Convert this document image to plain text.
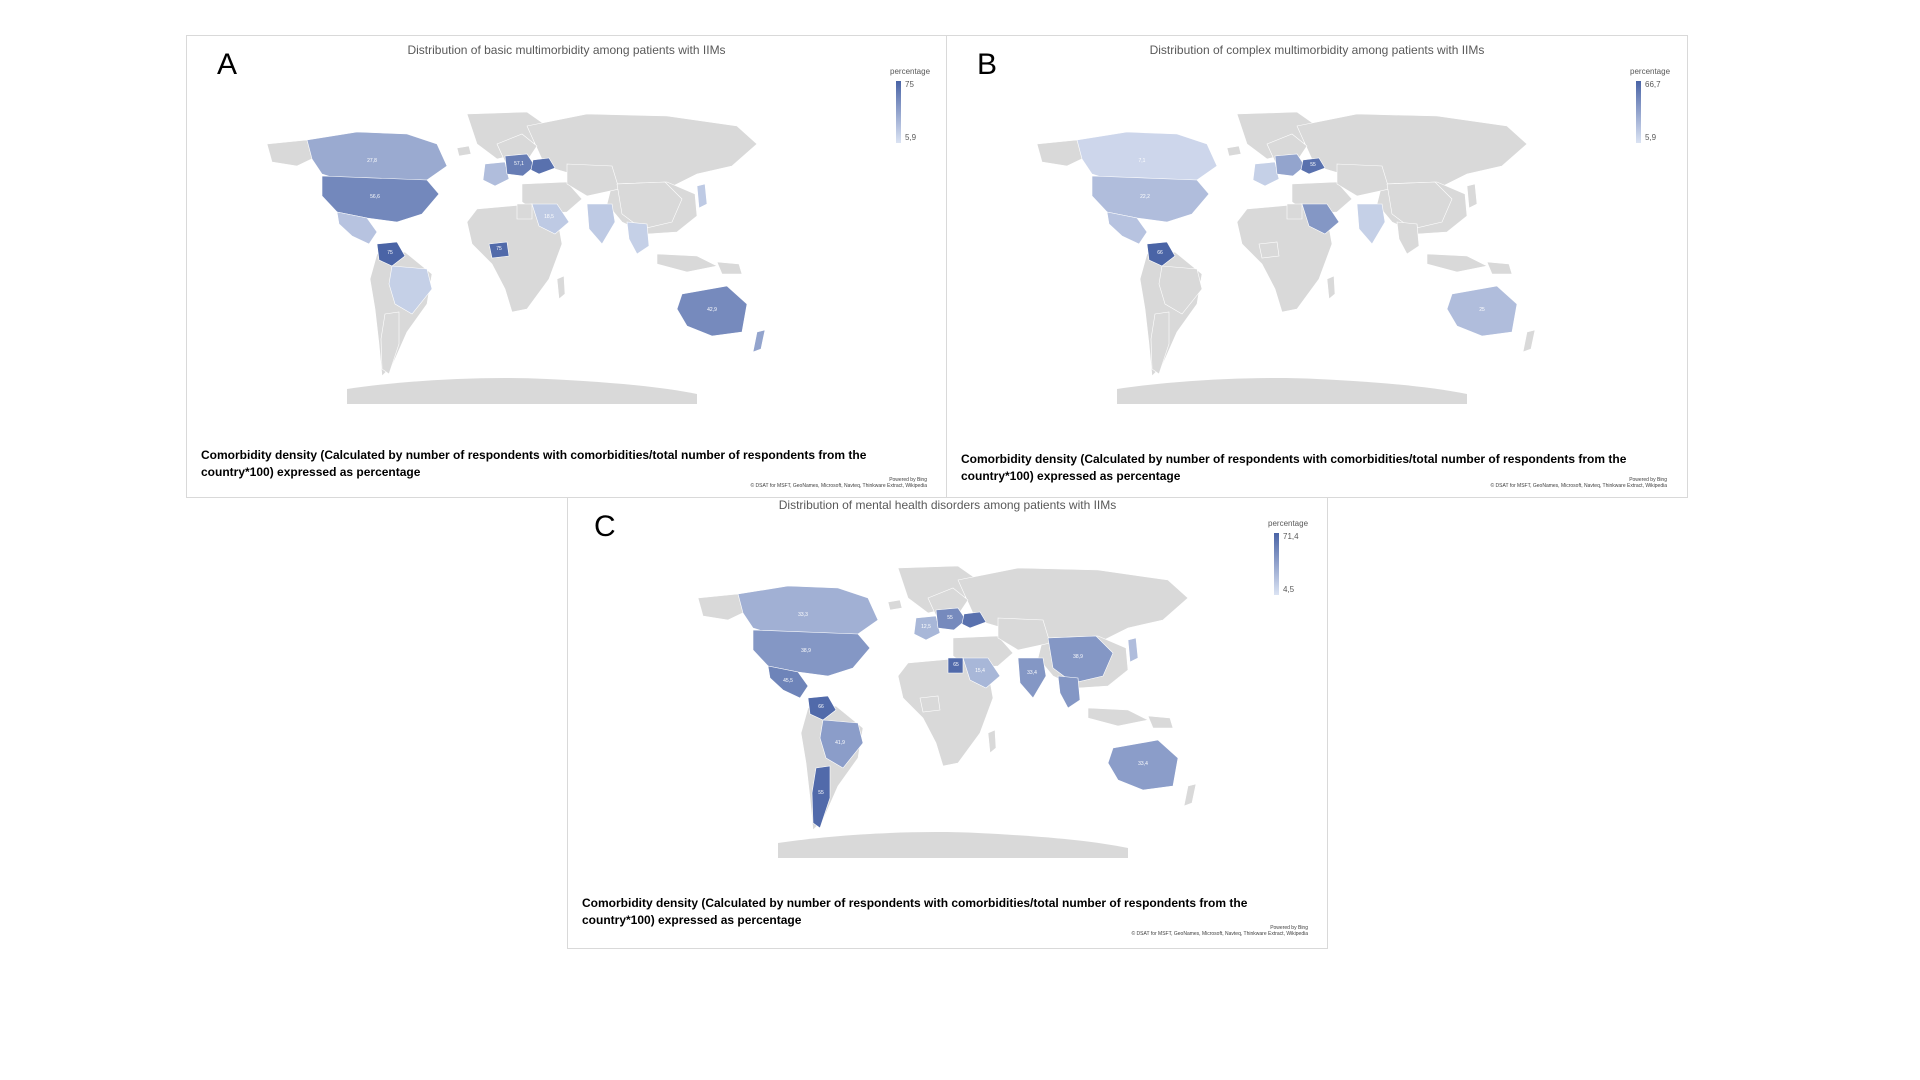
A	Distribution of basic multimorbidity among patients with IIMs
percentage
75
5,9
27,8
56,6
75
57,1
75
18,5
42,9
Comorbidity density (Calculated by number of respondents with comorbidities/total number of respondents from the country*100) expressed as percentage
Powered by Bing
© DSAT for MSFT, GeoNames, Microsoft, Navteq, Thinkware Extract, Wikipedia
B	Distribution of complex multimorbidity among patients with IIMs
percentage
66,7
5,9
7,1
22,2
66
55
25
Comorbidity density (Calculated by number of respondents with comorbidities/total number of respondents from the country*100) expressed as percentage	Powered by Bing
© DSAT for MSFT, GeoNames, Microsoft, Navteq, Thinkware Extract, Wikipedia
C
Distribution of mental health disorders among patients with IIMs
percentage
71,4
4,5
33,3
38,9
45,5
66
41,9
55
12,5
55
65
15,4	33,4
38,9
33,4
Comorbidity density (Calculated by number of respondents with comorbidities/total number of respondents from the country*100) expressed as percentage
Powered by Bing
© DSAT for MSFT, GeoNames, Microsoft, Navteq, Thinkware Extract, Wikipedia
